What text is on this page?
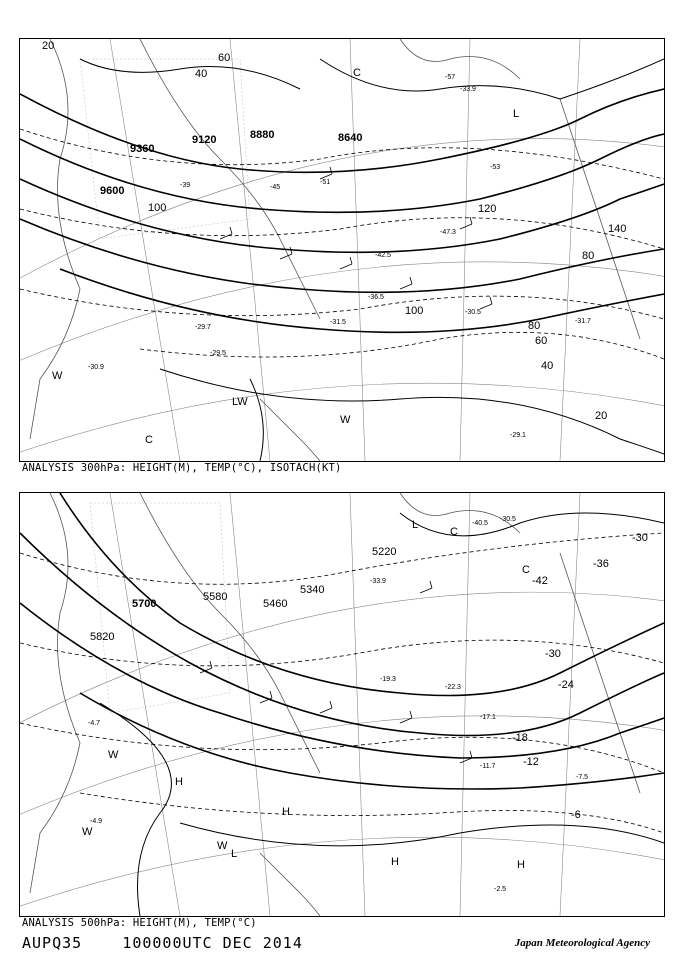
9600
9360
9120	8880	8640
20
40
60
100	120
140
100
80
60
40
20
80
-39	-45
-51
-57
-53
-47.3
-42.5
-36.5
-31.7
-29.7
-29.5
-30.9
-29.1
-33.9
-30.5
-31.5
C
L
W
LW
W
C
ANALYSIS 300hPa: HEIGHT(M), TEMP(°C), ISOTACH(KT)
5820
5700
5580
5460
5340
5220
-30
-36
-42
-30
-24
-18
-12
-6
-40.5
-30.5
-33.9
-17.1
-11.7
-7.5
-2.5
-4.7
-4.9
-19.3
-22.3
L
C
C
W
H
H
W
W
L
H	H
ANALYSIS 500hPa: HEIGHT(M), TEMP(°C)
AUPQ35	100000UTC DEC 2014	Japan Meteorological Agency
